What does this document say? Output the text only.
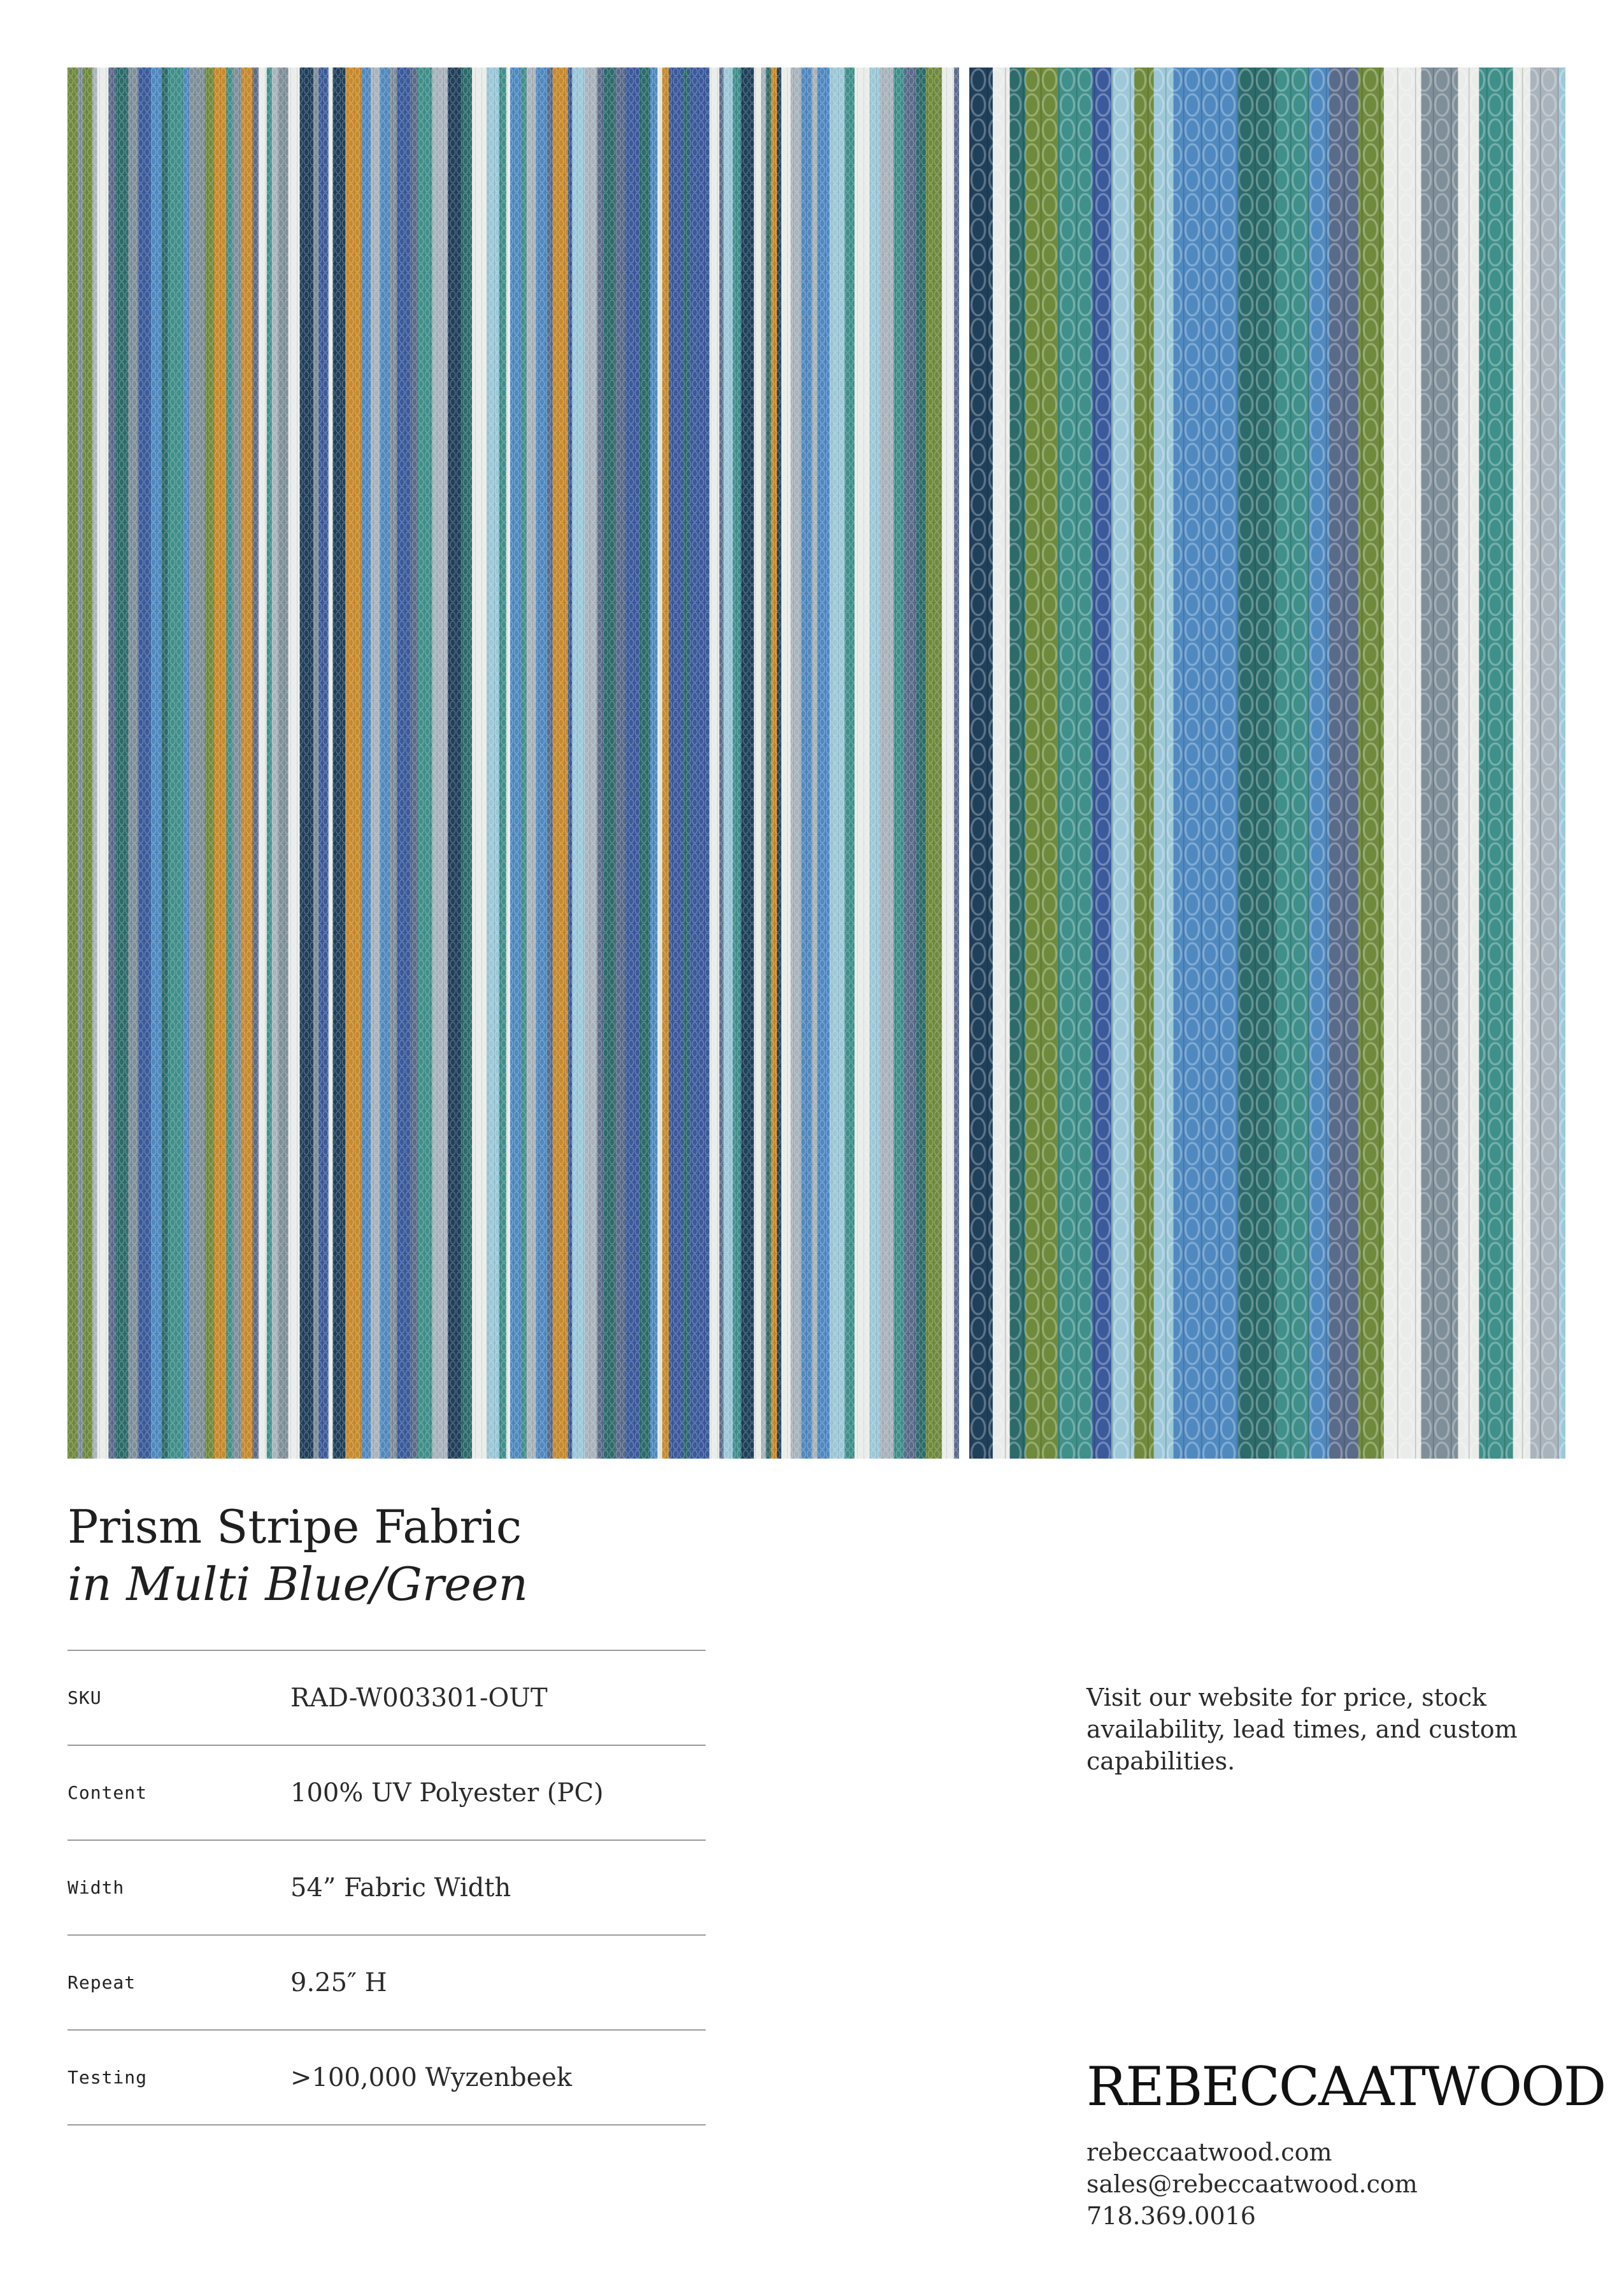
Prism Stripe Fabric
in Multi Blue/Green
SKU	RAD-W003301-OUT
Content	100% UV Polyester (PC)
Width	54” Fabric Width
Repeat	9.25″ H
Testing	>100,000 Wyzenbeek
Visit our website for price, stock availability, lead times, and custom capabilities.
REBECCAATWOOD
rebeccaatwood.com
sales@rebeccaatwood.com
718.369.0016
